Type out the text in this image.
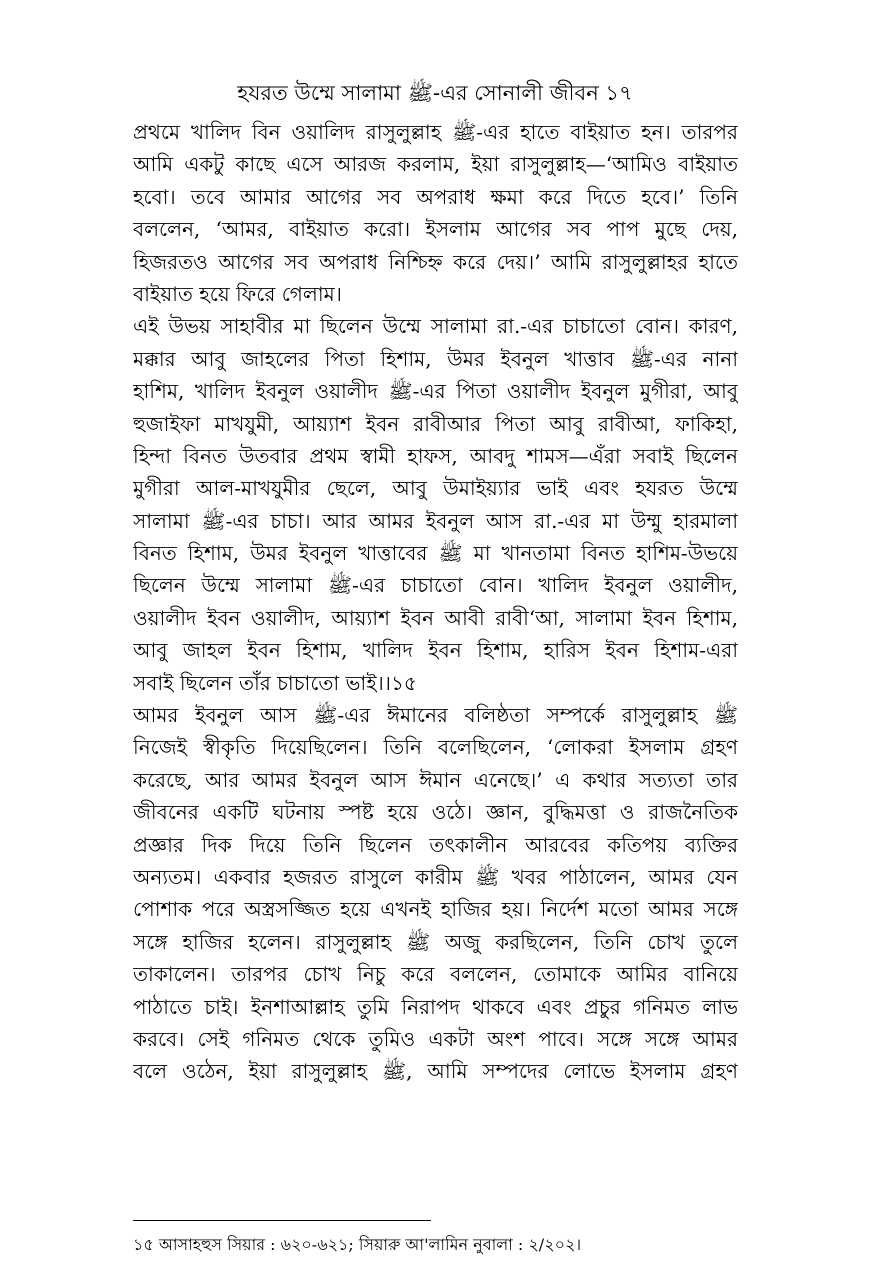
হযরত উম্মে সালামা ﷺ-এর সোনালী জীবন ১৭
প্রথমে খালিদ বিন ওয়ালিদ রাসুলুল্লাহ ﷺ-এর হাতে বাইয়াত হন। তারপর
আমি একটু কাছে এসে আরজ করলাম, ইয়া রাসুলুল্লাহ—‘আমিও বাইয়াত
হবো। তবে আমার আগের সব অপরাধ ক্ষমা করে দিতে হবে।’ তিনি
বললেন, ‘আমর, বাইয়াত করো। ইসলাম আগের সব পাপ মুছে দেয়,
হিজরতও আগের সব অপরাধ নিশ্চিহ্ন করে দেয়।’ আমি রাসুলুল্লাহর হাতে
বাইয়াত হয়ে ফিরে গেলাম।
এই উভয় সাহাবীর মা ছিলেন উম্মে সালামা রা.-এর চাচাতো বোন। কারণ,
মক্কার আবু জাহলের পিতা হিশাম, উমর ইবনুল খাত্তাব ﷺ-এর নানা
হাশিম, খালিদ ইবনুল ওয়ালীদ ﷺ-এর পিতা ওয়ালীদ ইবনুল মুগীরা, আবু
হুজাইফা মাখযুমী, আয়্যাশ ইবন রাবীআর পিতা আবু রাবীআ, ফাকিহা,
হিন্দা বিনত উতবার প্রথম স্বামী হাফস, আবদু শামস—এঁরা সবাই ছিলেন
মুগীরা আল-মাখযুমীর ছেলে, আবু উমাইয়্যার ভাই এবং হযরত উম্মে
সালামা ﷺ-এর চাচা। আর আমর ইবনুল আস রা.-এর মা উম্মু হারমালা
বিনত হিশাম, উমর ইবনুল খাত্তাবের ﷺ মা খানতামা বিনত হাশিম-উভয়ে
ছিলেন উম্মে সালামা ﷺ-এর চাচাতো বোন। খালিদ ইবনুল ওয়ালীদ,
ওয়ালীদ ইবন ওয়ালীদ, আয়্যাশ ইবন আবী রাবী‘আ, সালামা ইবন হিশাম,
আবু জাহল ইবন হিশাম, খালিদ ইবন হিশাম, হারিস ইবন হিশাম-এরা
সবাই ছিলেন তাঁর চাচাতো ভাই।।১৫
আমর ইবনুল আস ﷺ-এর ঈমানের বলিষ্ঠতা সম্পর্কে রাসুলুল্লাহ ﷺ
নিজেই স্বীকৃতি দিয়েছিলেন। তিনি বলেছিলেন, ‘লোকরা ইসলাম গ্রহণ
করেছে, আর আমর ইবনুল আস ঈমান এনেছে।’ এ কথার সত্যতা তার
জীবনের একটি ঘটনায় স্পষ্ট হয়ে ওঠে। জ্ঞান, বুদ্ধিমত্তা ও রাজনৈতিক
প্রজ্ঞার দিক দিয়ে তিনি ছিলেন তৎকালীন আরবের কতিপয় ব্যক্তির
অন্যতম। একবার হজরত রাসুলে কারীম ﷺ খবর পাঠালেন, আমর যেন
পোশাক পরে অস্ত্রসজ্জিত হয়ে এখনই হাজির হয়। নির্দেশ মতো আমর সঙ্গে
সঙ্গে হাজির হলেন। রাসুলুল্লাহ ﷺ অজু করছিলেন, তিনি চোখ তুলে
তাকালেন। তারপর চোখ নিচু করে বললেন, তোমাকে আমির বানিয়ে
পাঠাতে চাই। ইনশাআল্লাহ তুমি নিরাপদ থাকবে এবং প্রচুর গনিমত লাভ
করবে। সেই গনিমত থেকে তুমিও একটা অংশ পাবে। সঙ্গে সঙ্গে আমর
বলে ওঠেন, ইয়া রাসুলুল্লাহ ﷺ, আমি সম্পদের লোভে ইসলাম গ্রহণ
১৫ আসাহহুস সিয়ার : ৬২০-৬২১; সিয়ারু আ'লামিন নুবালা : ২/২০২।
